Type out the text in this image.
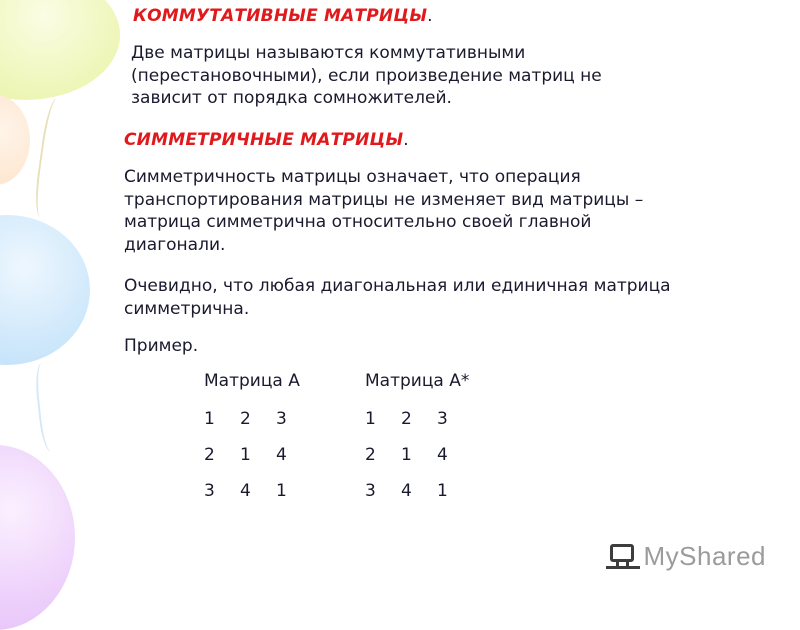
КОММУТАТИВНЫЕ МАТРИЦЫ.

Две матрицы называются коммутативными
(перестановочными), если произведение матриц не
зависит от порядка сомножителей.

СИММЕТРИЧНЫЕ МАТРИЦЫ.

Симметричность матрицы означает, что операция
транспортирования матрицы не изменяет вид матрицы –
матрица симметрична относительно своей главной
диагонали.

Очевидно, что любая диагональная или единичная матрица
симметрична.

Пример.

Матрица А
1 2 3
2 1 4
3 4 1
Матрица А*
1 2 3
2 1 4
3 4 1
MyShared
